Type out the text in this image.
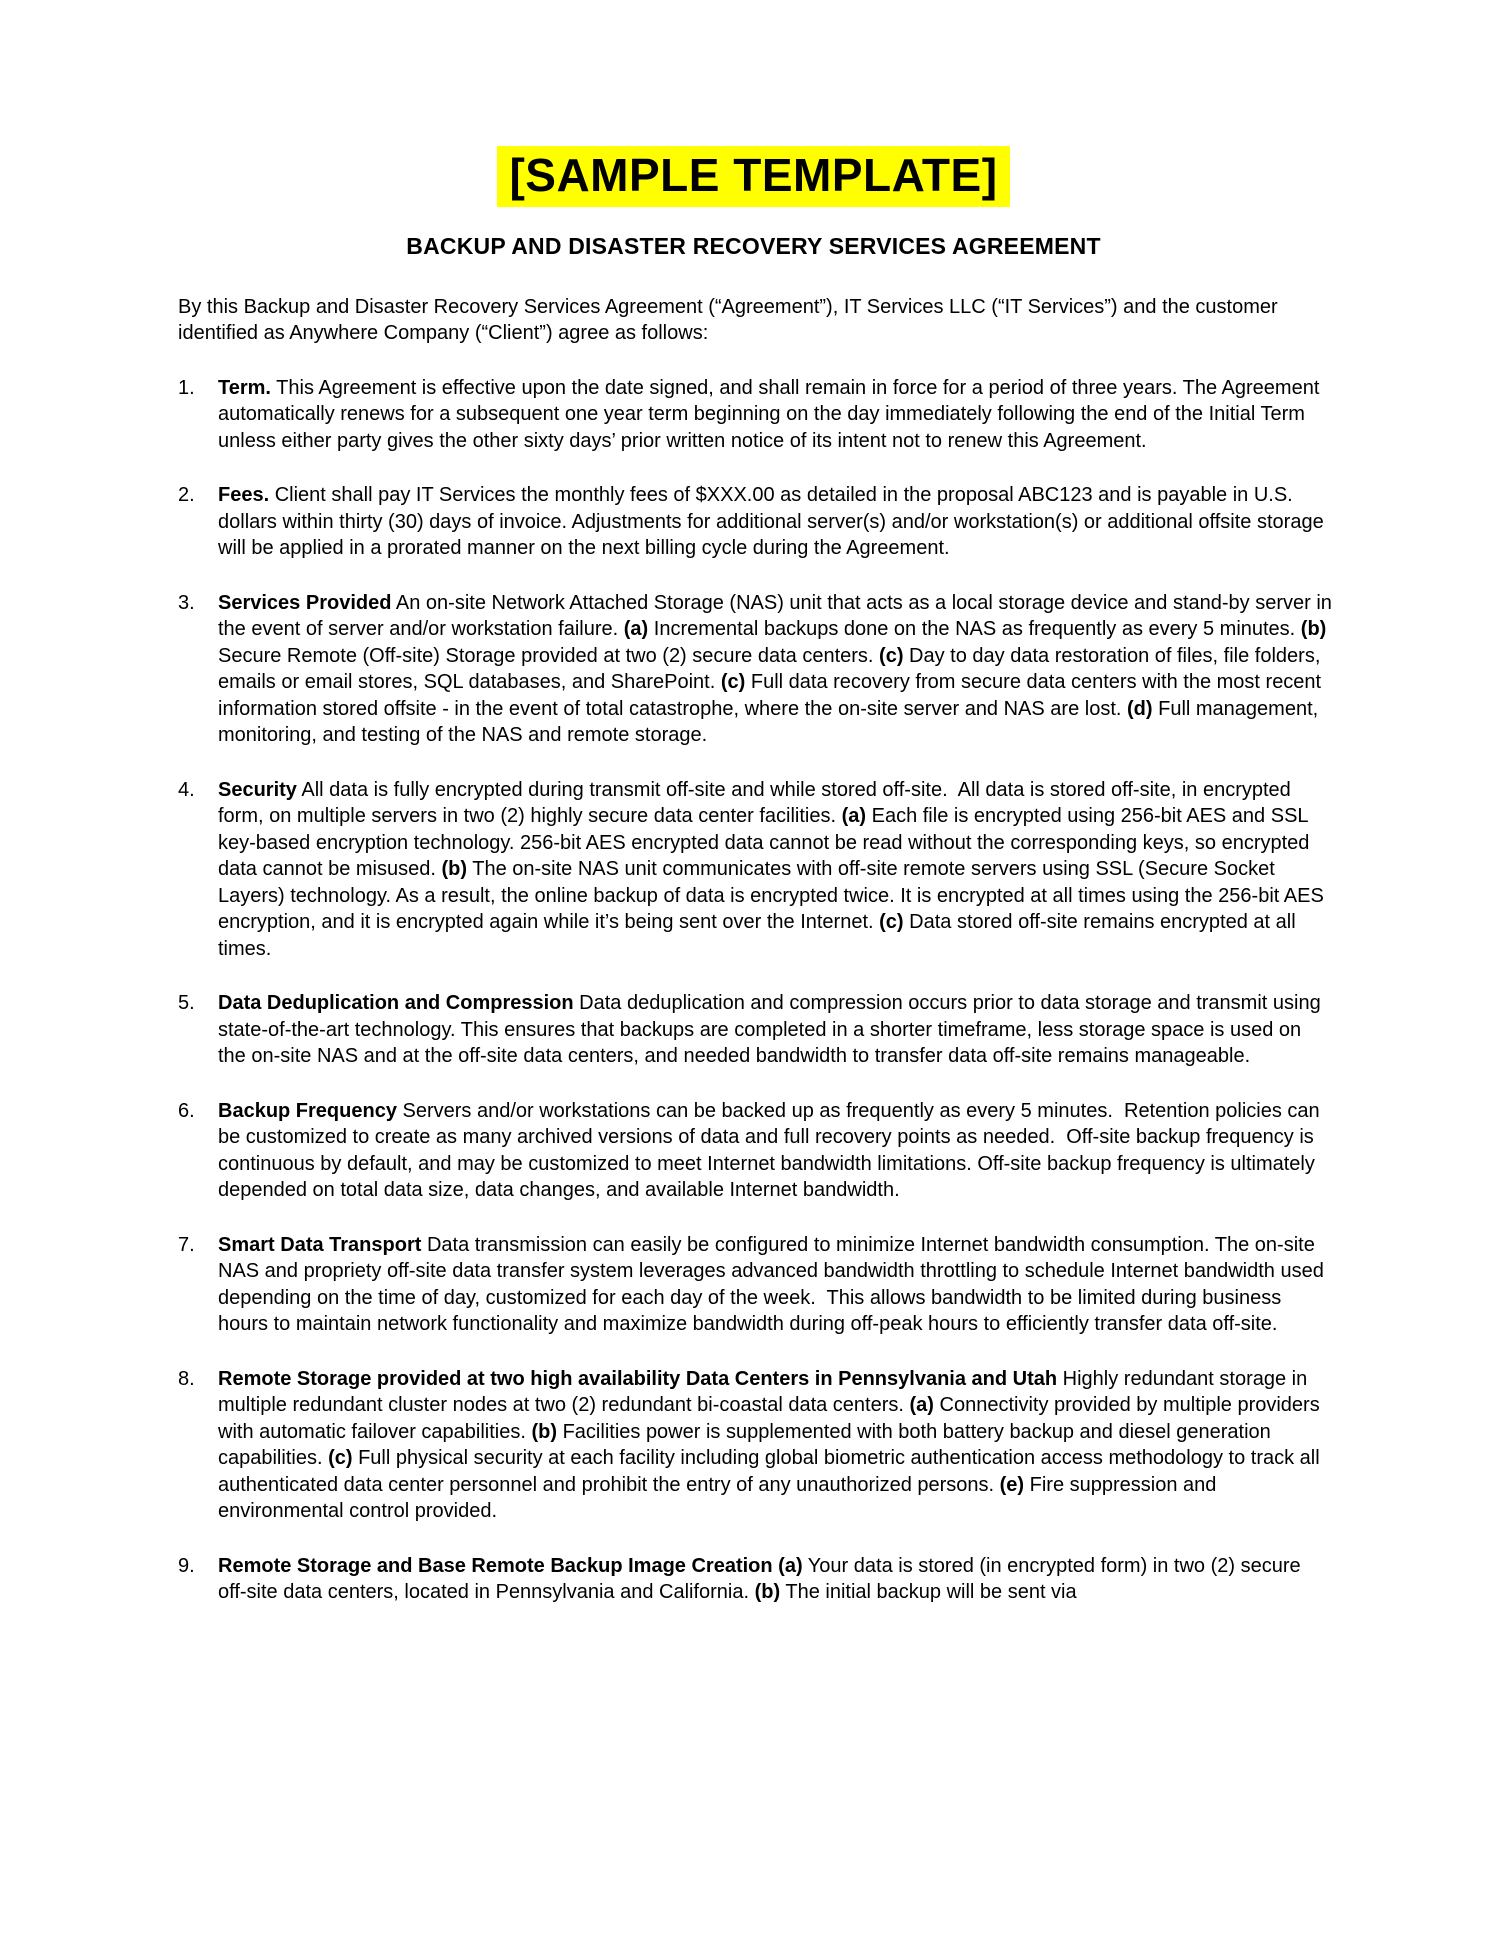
[SAMPLE TEMPLATE]
BACKUP AND DISASTER RECOVERY SERVICES AGREEMENT

By this Backup and Disaster Recovery Services Agreement (“Agreement”), IT Services LLC (“IT Services”) and the customer identified as Anywhere Company (“Client”) agree as follows:

1.	Term. This Agreement is effective upon the date signed, and shall remain in force for a period of three years. The Agreement automatically renews for a subsequent one year term beginning on the day immediately following the end of the Initial Term unless either party gives the other sixty days’ prior written notice of its intent not to renew this Agreement.
2.	Fees. Client shall pay IT Services the monthly fees of $XXX.00 as detailed in the proposal ABC123 and is payable in U.S. dollars within thirty (30) days of invoice. Adjustments for additional server(s) and/or workstation(s) or additional offsite storage will be applied in a prorated manner on the next billing cycle during the Agreement.
3.	Services Provided An on-site Network Attached Storage (NAS) unit that acts as a local storage device and stand-by server in the event of server and/or workstation failure. (a) Incremental backups done on the NAS as frequently as every 5 minutes. (b) Secure Remote (Off-site) Storage provided at two (2) secure data centers. (c) Day to day data restoration of files, file folders, emails or email stores, SQL databases, and SharePoint. (c) Full data recovery from secure data centers with the most recent information stored offsite - in the event of total catastrophe, where the on-site server and NAS are lost. (d) Full management, monitoring, and testing of the NAS and remote storage.
4.	Security All data is fully encrypted during transmit off-site and while stored off-site.  All data is stored off-site, in encrypted form, on multiple servers in two (2) highly secure data center facilities. (a) Each file is encrypted using 256-bit AES and SSL key-based encryption technology. 256-bit AES encrypted data cannot be read without the corresponding keys, so encrypted data cannot be misused. (b) The on-site NAS unit communicates with off-site remote servers using SSL (Secure Socket Layers) technology. As a result, the online backup of data is encrypted twice. It is encrypted at all times using the 256-bit AES encryption, and it is encrypted again while it’s being sent over the Internet. (c) Data stored off-site remains encrypted at all times.
5.	Data Deduplication and Compression Data deduplication and compression occurs prior to data storage and transmit using state-of-the-art technology. This ensures that backups are completed in a shorter timeframe, less storage space is used on the on-site NAS and at the off-site data centers, and needed bandwidth to transfer data off-site remains manageable.
6.	Backup Frequency Servers and/or workstations can be backed up as frequently as every 5 minutes.  Retention policies can be customized to create as many archived versions of data and full recovery points as needed.  Off-site backup frequency is continuous by default, and may be customized to meet Internet bandwidth limitations. Off-site backup frequency is ultimately depended on total data size, data changes, and available Internet bandwidth.
7.	Smart Data Transport Data transmission can easily be configured to minimize Internet bandwidth consumption. The on-site NAS and propriety off-site data transfer system leverages advanced bandwidth throttling to schedule Internet bandwidth used depending on the time of day, customized for each day of the week.  This allows bandwidth to be limited during business hours to maintain network functionality and maximize bandwidth during off-peak hours to efficiently transfer data off-site.
8.	Remote Storage provided at two high availability Data Centers in Pennsylvania and Utah Highly redundant storage in multiple redundant cluster nodes at two (2) redundant bi-coastal data centers. (a) Connectivity provided by multiple providers with automatic failover capabilities. (b) Facilities power is supplemented with both battery backup and diesel generation capabilities. (c) Full physical security at each facility including global biometric authentication access methodology to track all authenticated data center personnel and prohibit the entry of any unauthorized persons. (e) Fire suppression and environmental control provided.
9.	Remote Storage and Base Remote Backup Image Creation (a) Your data is stored (in encrypted form) in two (2) secure off-site data centers, located in Pennsylvania and California. (b) The initial backup will be sent via
